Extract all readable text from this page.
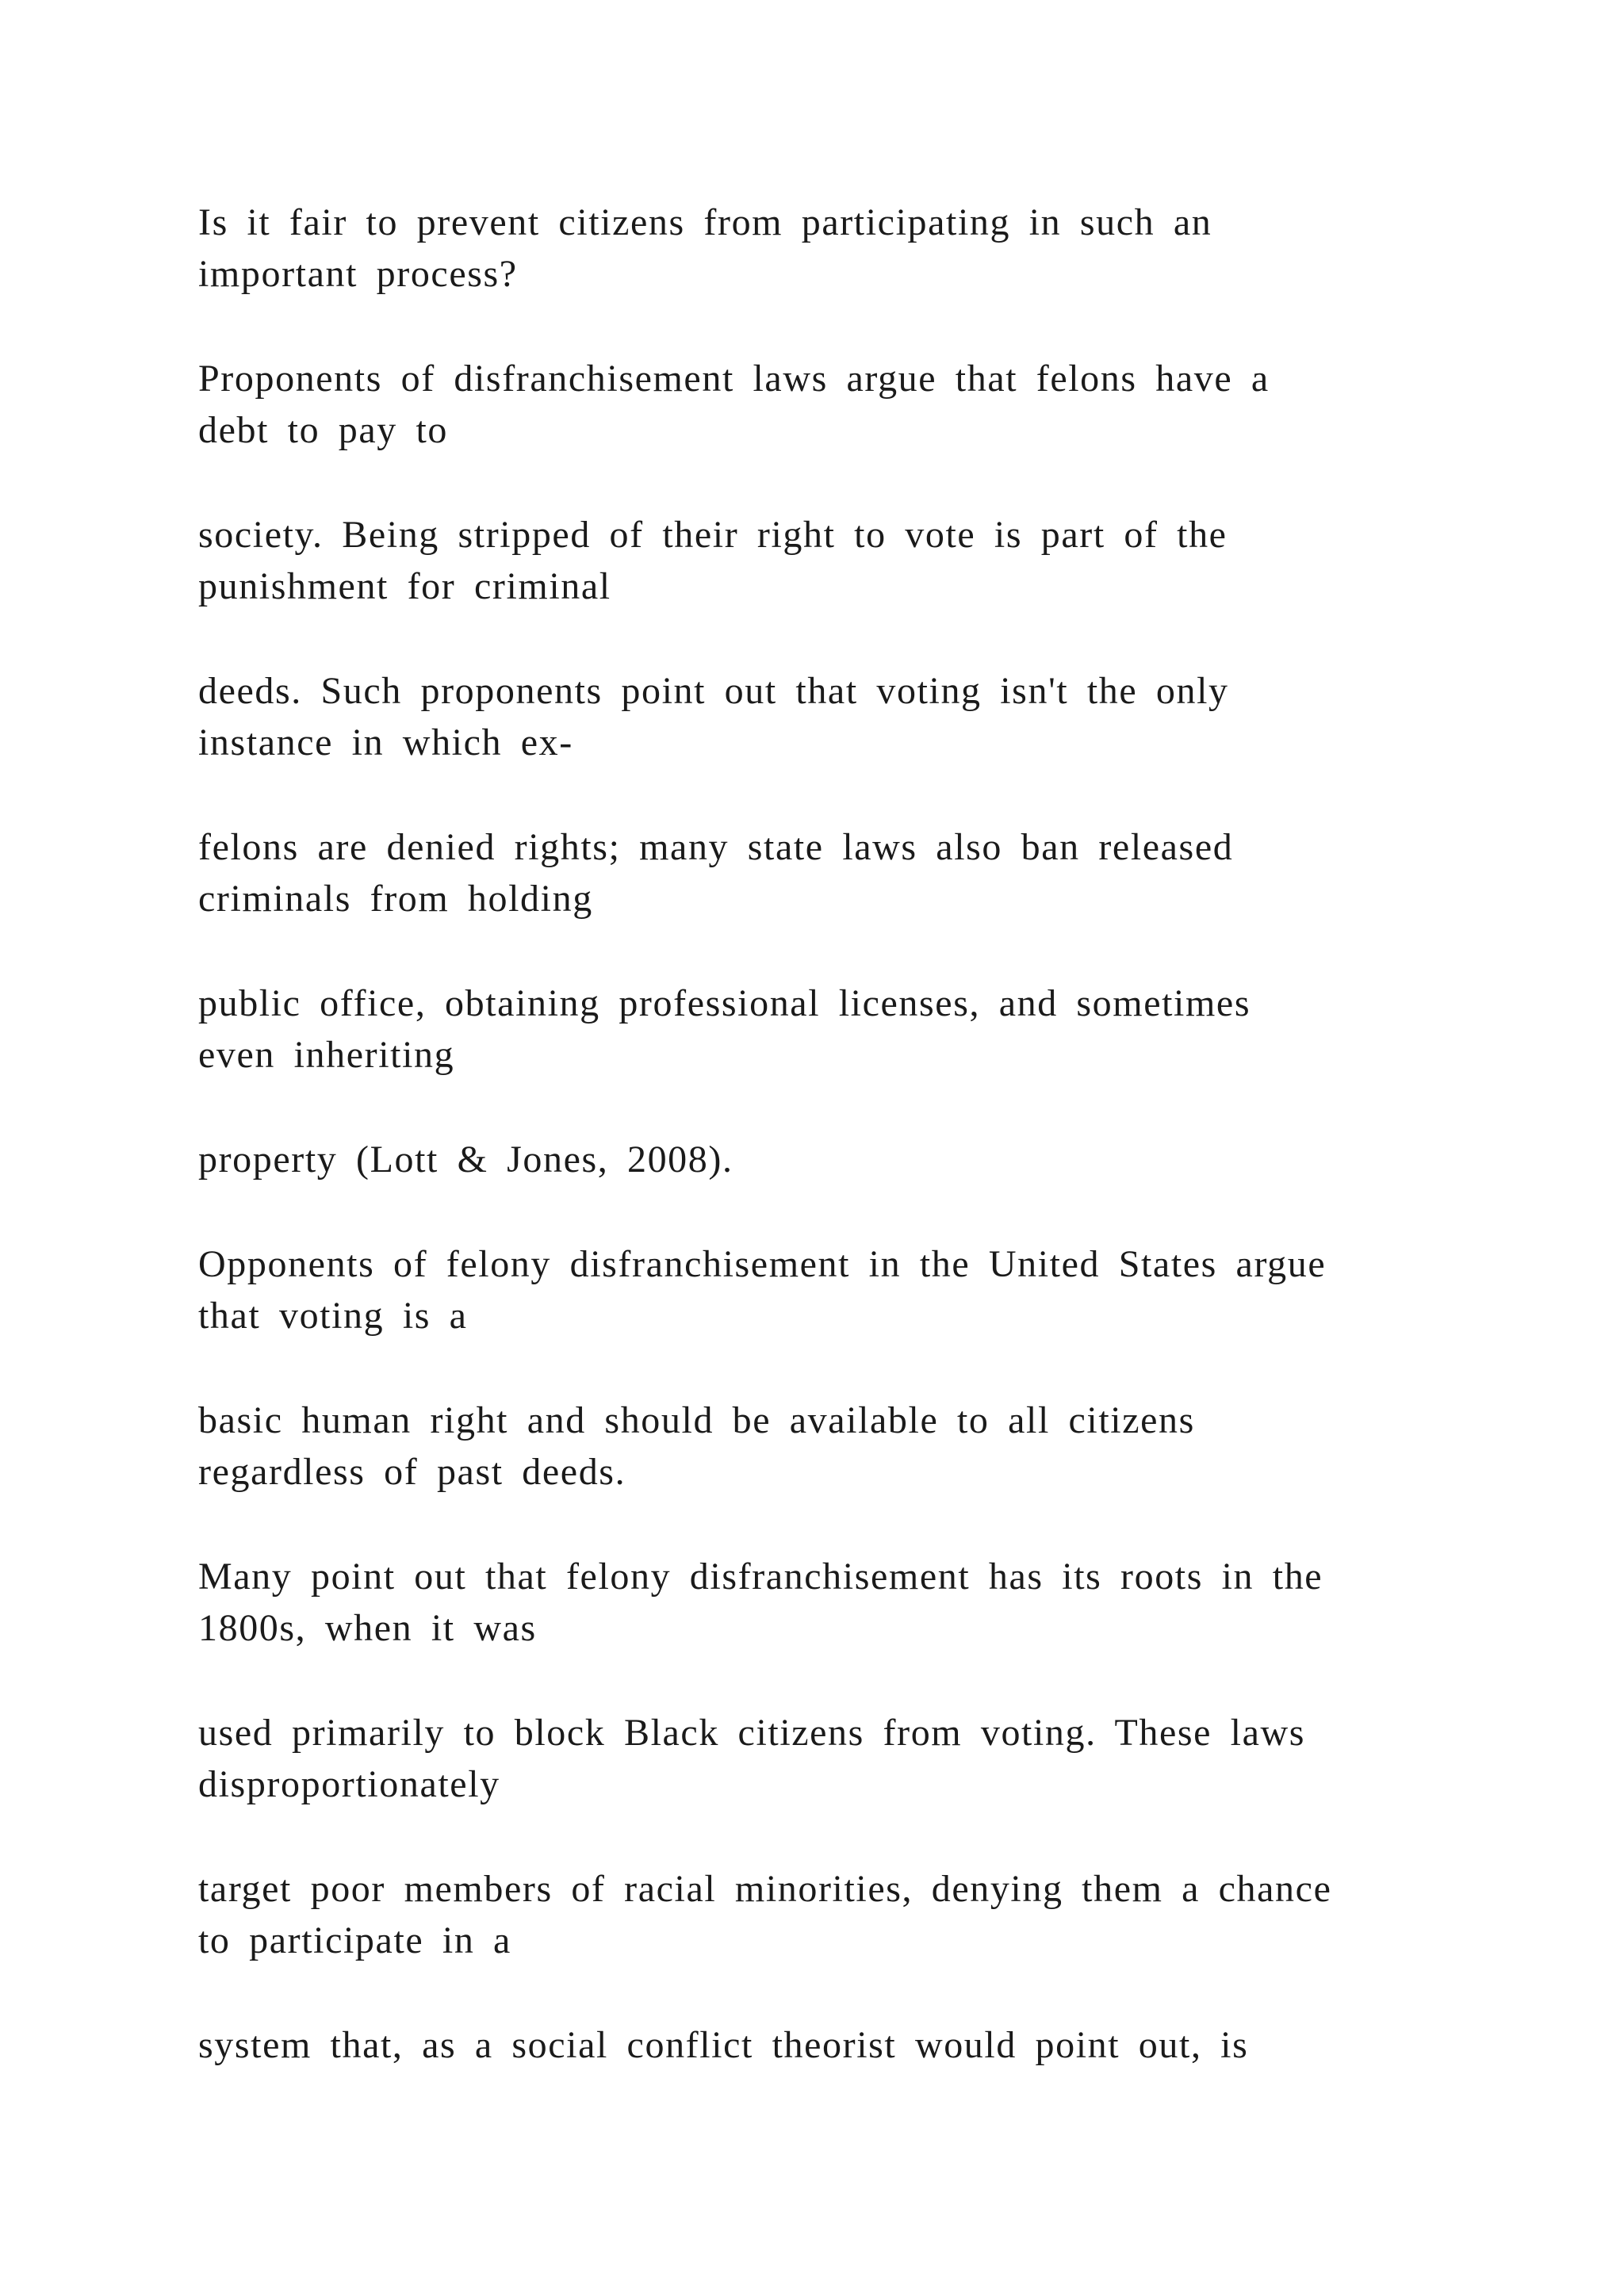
Is it fair to prevent citizens from participating in such an
important process?

Proponents of disfranchisement laws argue that felons have a
debt to pay to

society. Being stripped of their right to vote is part of the
punishment for criminal

deeds. Such proponents point out that voting isn't the only
instance in which ex-

felons are denied rights; many state laws also ban released
criminals from holding

public office, obtaining professional licenses, and sometimes
even inheriting

property (Lott & Jones, 2008).

Opponents of felony disfranchisement in the United States argue
that voting is a

basic human right and should be available to all citizens
regardless of past deeds.

Many point out that felony disfranchisement has its roots in the
1800s, when it was

used primarily to block Black citizens from voting. These laws
disproportionately

target poor members of racial minorities, denying them a chance
to participate in a

system that, as a social conflict theorist would point out, is
